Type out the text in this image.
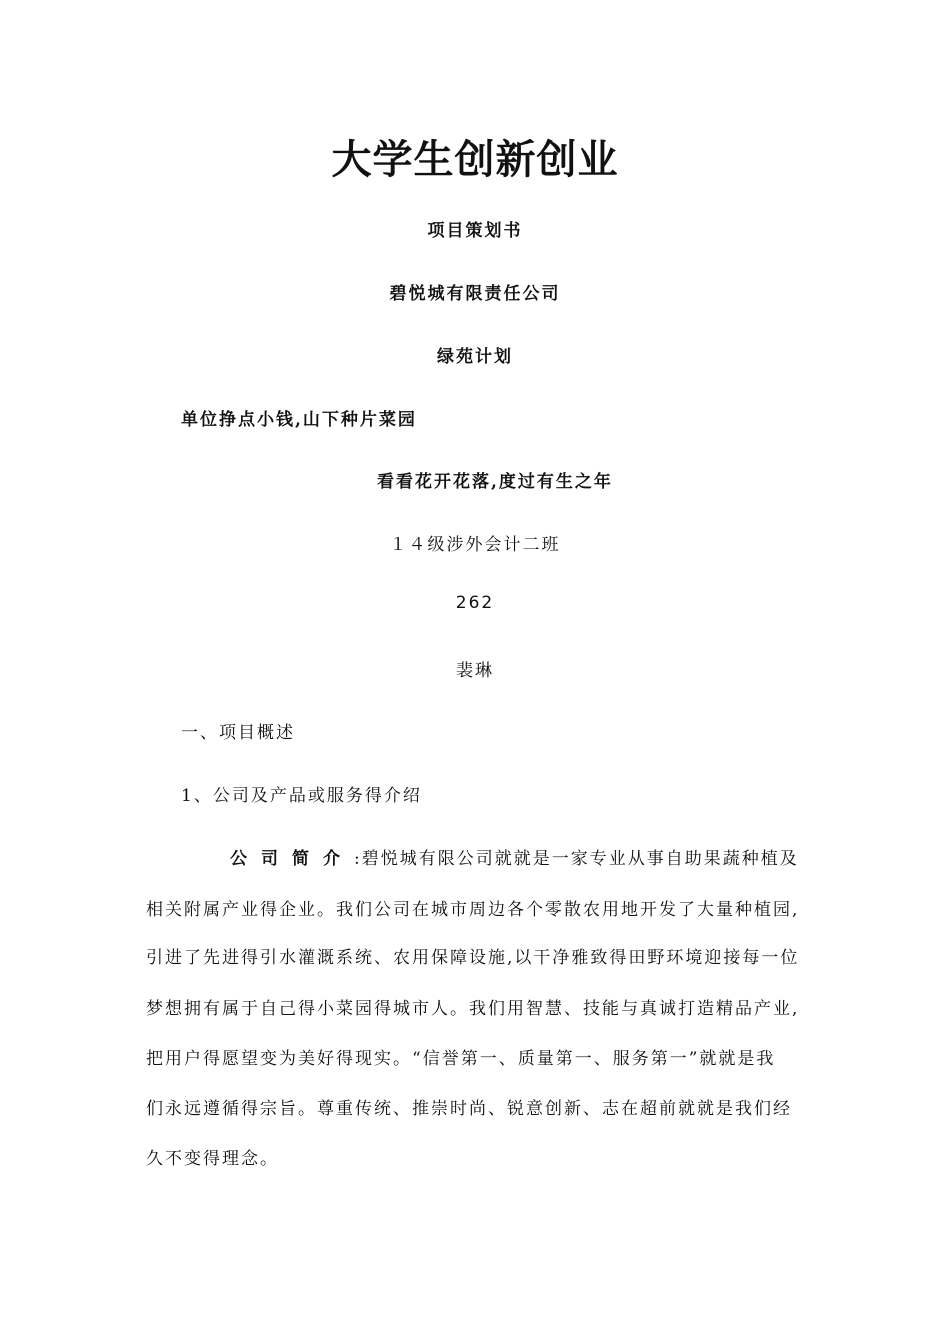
大学生创新创业
项目策划书
碧悦城有限责任公司
绿苑计划
单位挣点小钱,山下种片菜园
看看花开花落,度过有生之年
１４级涉外会计二班
262
裴琳
一、项目概述
1、公司及产品或服务得介绍
公司简介:碧悦城有限公司就就是一家专业从事自助果蔬种植及
相关附属产业得企业。我们公司在城市周边各个零散农用地开发了大量种植园,
引进了先进得引水灌溉系统、农用保障设施,以干净雅致得田野环境迎接每一位
梦想拥有属于自己得小菜园得城市人。我们用智慧、技能与真诚打造精品产业,
把用户得愿望变为美好得现实。“信誉第一、质量第一、服务第一”就就是我
们永远遵循得宗旨。尊重传统、推崇时尚、锐意创新、志在超前就就是我们经
久不变得理念。
